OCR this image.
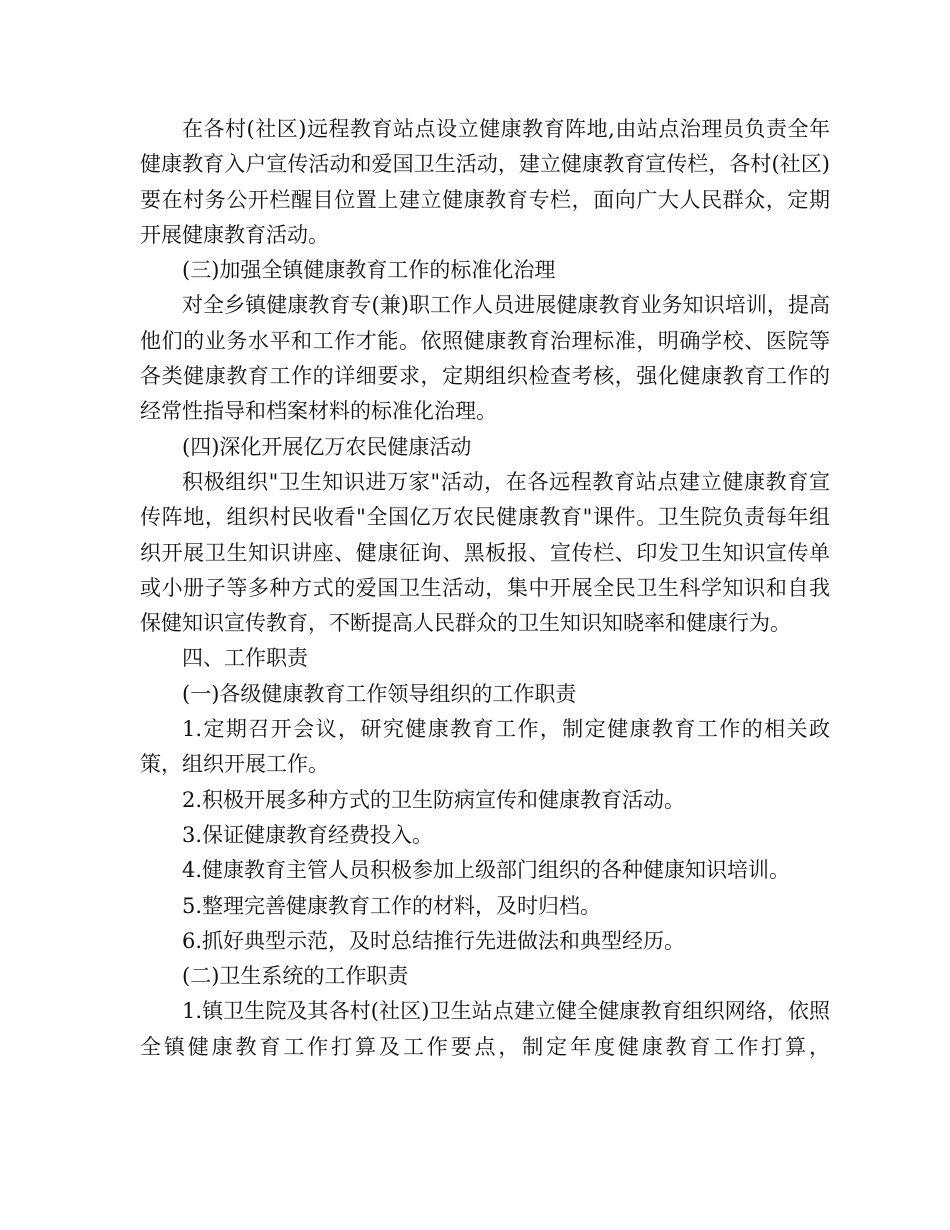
在各村(社区)远程教育站点设立健康教育阵地,由站点治理员负责全年健康教育入户宣传活动和爱国卫生活动，建立健康教育宣传栏，各村(社区)要在村务公开栏醒目位置上建立健康教育专栏，面向广大人民群众，定期开展健康教育活动。

(三)加强全镇健康教育工作的标准化治理

对全乡镇健康教育专(兼)职工作人员进展健康教育业务知识培训，提高他们的业务水平和工作才能。依照健康教育治理标准，明确学校、医院等各类健康教育工作的详细要求，定期组织检查考核，强化健康教育工作的经常性指导和档案材料的标准化治理。

(四)深化开展亿万农民健康活动

积极组织"卫生知识进万家"活动，在各远程教育站点建立健康教育宣传阵地，组织村民收看"全国亿万农民健康教育"课件。卫生院负责每年组织开展卫生知识讲座、健康征询、黑板报、宣传栏、印发卫生知识宣传单或小册子等多种方式的爱国卫生活动，集中开展全民卫生科学知识和自我保健知识宣传教育，不断提高人民群众的卫生知识知晓率和健康行为。

四、工作职责

(一)各级健康教育工作领导组织的工作职责

1.定期召开会议，研究健康教育工作，制定健康教育工作的相关政策，组织开展工作。

2.积极开展多种方式的卫生防病宣传和健康教育活动。

3.保证健康教育经费投入。

4.健康教育主管人员积极参加上级部门组织的各种健康知识培训。

5.整理完善健康教育工作的材料，及时归档。

6.抓好典型示范，及时总结推行先进做法和典型经历。

(二)卫生系统的工作职责

1.镇卫生院及其各村(社区)卫生站点建立健全健康教育组织网络，依照全镇健康教育工作打算及工作要点，制定年度健康教育工作打算，
